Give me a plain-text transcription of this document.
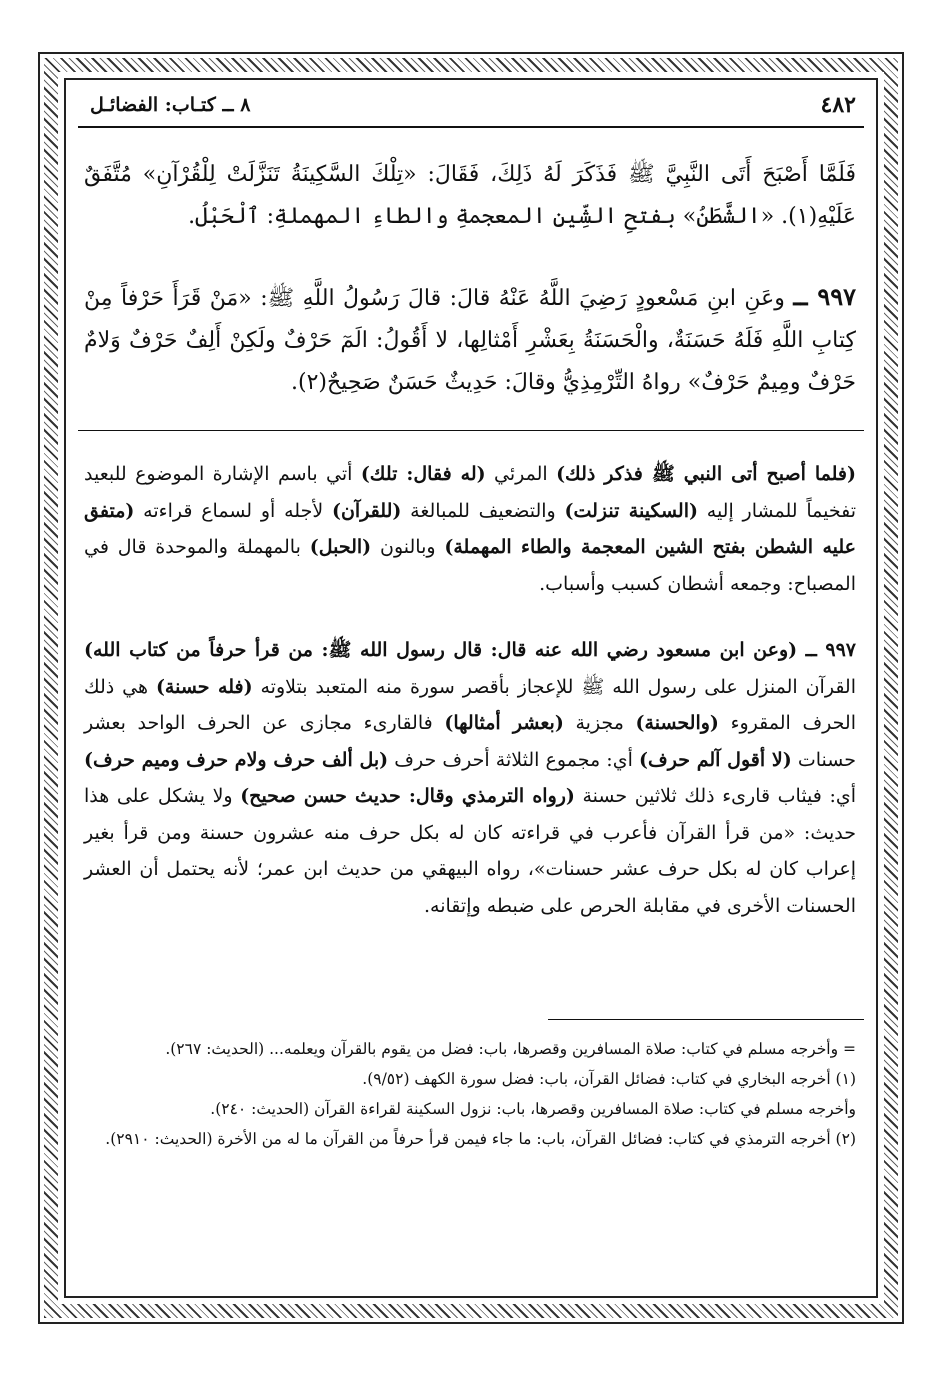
٤٨٢
٨ ــ كتـاب: الفضائـل

فَلَمَّا أَصْبَحَ أَتَى النَّبِيَّ ﷺ فَذَكَرَ لَهُ ذَلِكَ، فَقَالَ: «تِلْكَ السَّكِينَةُ تَنَزَّلَتْ لِلْقُرْآنِ» مُتَّفَقٌ عَلَيْهِ(١). «الشَّطَنُ» بفتحِ الشِّينِ المعجمةِ والطاءِ المهملةِ: ٱلْحَبْلُ.

٩٩٧ ــ وعَنِ ابنِ مَسْعودٍ رَضِيَ اللَّهُ عَنْهُ قالَ: قالَ رَسُولُ اللَّهِ ﷺ: «مَنْ قَرَأَ حَرْفاً مِنْ كِتابِ اللَّهِ فَلَهُ حَسَنَةٌ، والْحَسَنَةُ بِعَشْرِ أَمْثالِها، لا أَقُولُ: الَمٓ حَرْفٌ ولَكِنْ أَلِفٌ حَرْفٌ وَلامٌ حَرْفٌ ومِيمٌ حَرْفٌ» رواهُ التِّرْمِذِيُّ وقالَ: حَدِيثٌ حَسَنٌ صَحِيحٌ(٢).

(فلما أصبح أتى النبي ﷺ فذكر ذلك) المرئي (له فقال: تلك) أتي باسم الإشارة الموضوع للبعيد تفخيماً للمشار إليه (السكينة تنزلت) والتضعيف للمبالغة (للقرآن) لأجله أو لسماع قراءته (متفق عليه الشطن بفتح الشين المعجمة والطاء المهملة) وبالنون (الحبل) بالمهملة والموحدة قال في المصباح: وجمعه أشطان كسبب وأسباب.

٩٩٧ ــ (وعن ابن مسعود رضي الله عنه قال: قال رسول الله ﷺ: من قرأ حرفاً من كتاب الله) القرآن المنزل على رسول الله ﷺ للإعجاز بأقصر سورة منه المتعبد بتلاوته (فله حسنة) هي ذلك الحرف المقروء (والحسنة) مجزية (بعشر أمثالها) فالقارىء مجازى عن الحرف الواحد بعشر حسنات (لا أقول آلم حرف) أي: مجموع الثلاثة أحرف حرف (بل ألف حرف ولام حرف وميم حرف) أي: فيثاب قارىء ذلك ثلاثين حسنة (رواه الترمذي وقال: حديث حسن صحيح) ولا يشكل على هذا حديث: «من قرأ القرآن فأعرب في قراءته كان له بكل حرف منه عشرون حسنة ومن قرأ بغير إعراب كان له بكل حرف عشر حسنات»، رواه البيهقي من حديث ابن عمر؛ لأنه يحتمل أن العشر الحسنات الأخرى في مقابلة الحرص على ضبطه وإتقانه.

= وأخرجه مسلم في كتاب: صلاة المسافرين وقصرها، باب: فضل من يقوم بالقرآن ويعلمه... (الحديث: ٢٦٧).

(١) أخرجه البخاري في كتاب: فضائل القرآن، باب: فضل سورة الكهف (٩/٥٢).

وأخرجه مسلم في كتاب: صلاة المسافرين وقصرها، باب: نزول السكينة لقراءة القرآن (الحديث: ٢٤٠).

(٢) أخرجه الترمذي في كتاب: فضائل القرآن، باب: ما جاء فيمن قرأ حرفاً من القرآن ما له من الأخرة (الحديث: ٢٩١٠).
